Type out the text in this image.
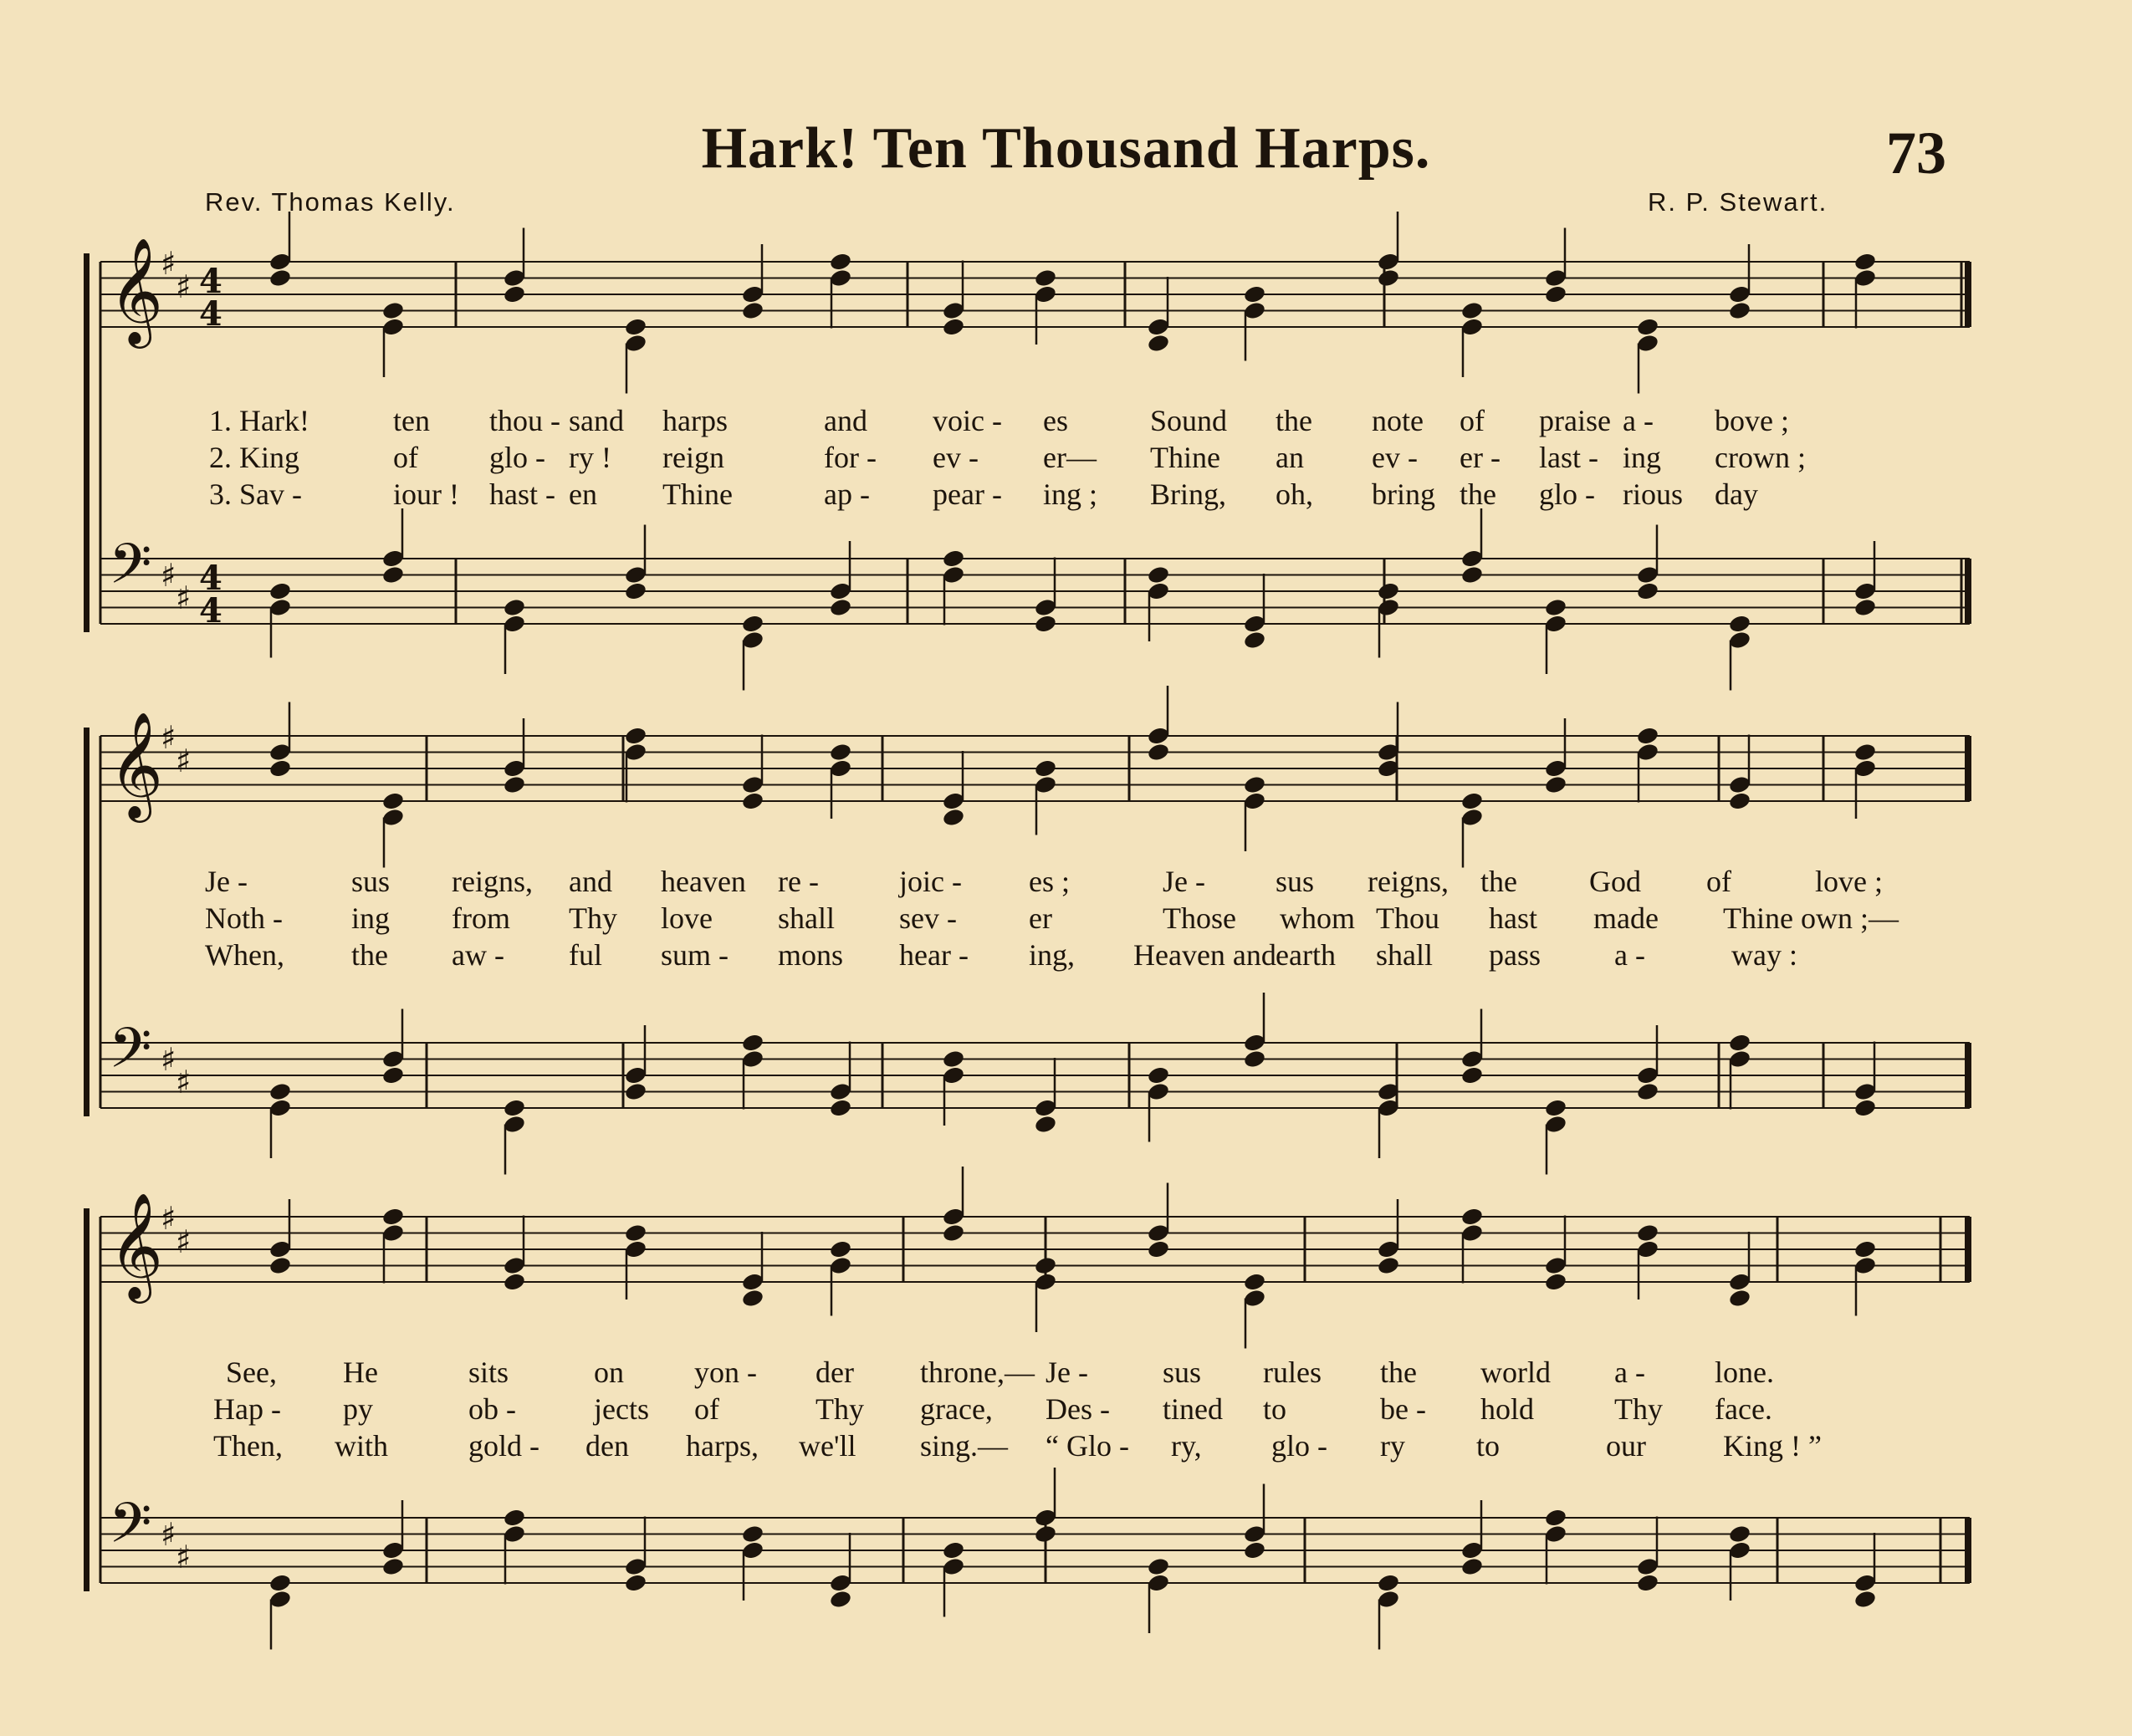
Hark! Ten Thousand Harps.	73
Rev. Thomas Kelly.	R. P. Stewart.
𝄞
♯
♯ 4
4
𝄢 ♯
♯ 4
4
𝄞
♯
♯
𝄢 ♯
♯
𝄞
♯
♯
𝄢 ♯
♯
1. Hark!	ten thou - sand harps	and voic - es	Sound the note of praise a - bove ;
2. King	of glo - ry ! reign	for - ev - er— Thine an ev - er - last - ing crown ;
3. Sav -	iour ! hast - en Thine	ap - pear - ing ; Bring, oh, bring the glo - rious day
Je -	sus reigns, and heaven re -	joic - es ;	Je - sus reigns, the God of	love ;
Noth - ing from Thy love shall sev - er	Those whom Thou hast made Thine own ;—
When, the aw - ful sum - mons hear - ing, Heaven and earth shall pass a -	way :
See, He	sits	on yon - der throne,— Je - sus rules the world a - lone.
Hap - py	ob -	jects of	Thy grace, Des - tined to	be - hold	Thy face.
Then, with	gold - den harps, we'll sing.— “ Glo - ry, glo - ry to	our	King ! ”
